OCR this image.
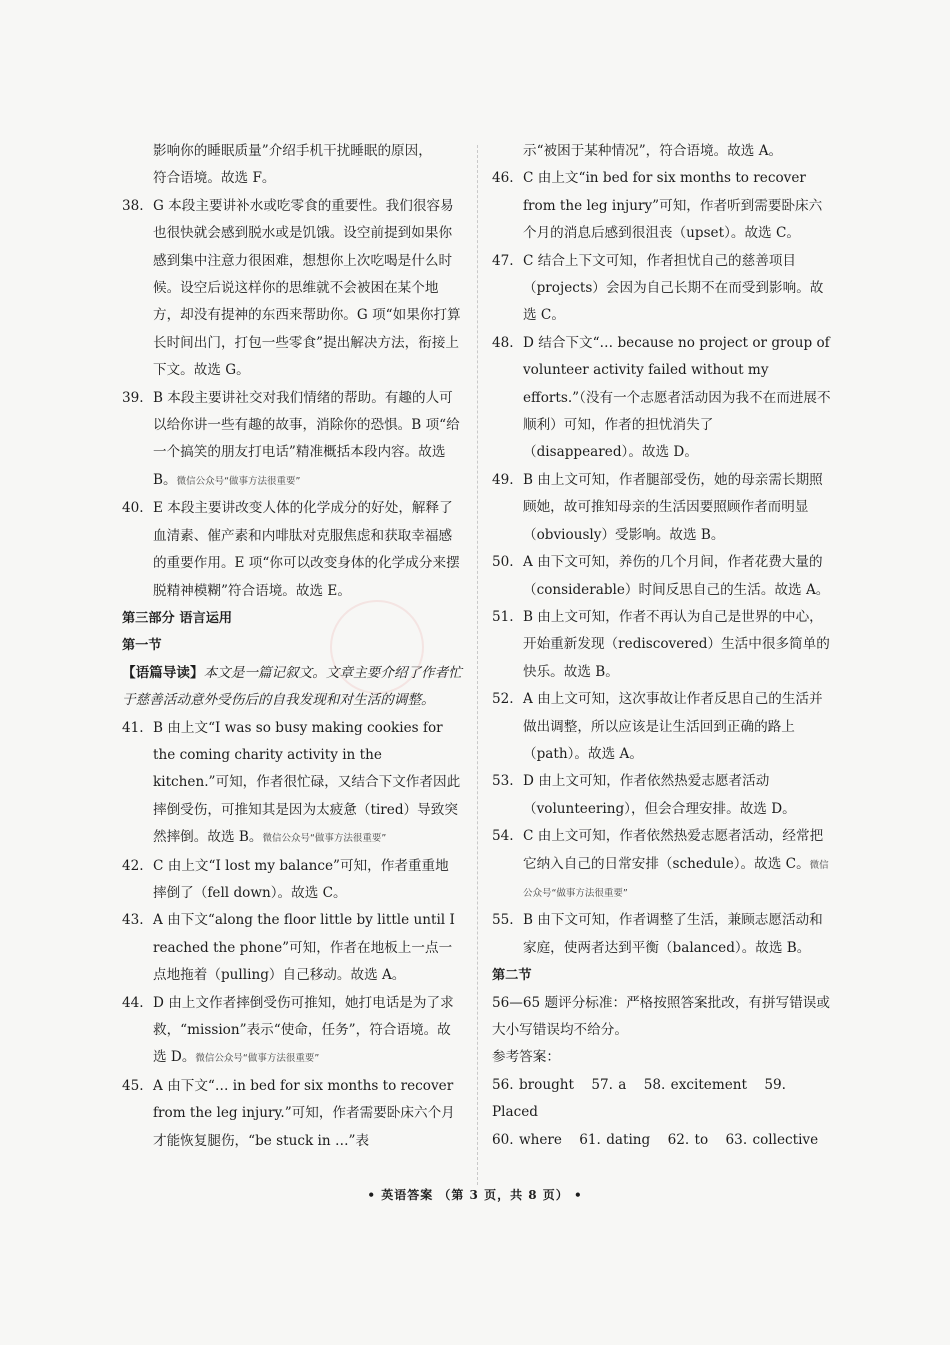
影响你的睡眠质量”介绍手机干扰睡眠的原因，

符合语境。故选 F。

38. G 本段主要讲补水或吃零食的重要性。我们很容易也很快就会感到脱水或是饥饿。设空前提到如果你感到集中注意力很困难，想想你上次吃喝是什么时候。设空后说这样你的思维就不会被困在某个地方，却没有提神的东西来帮助你。G 项“如果你打算长时间出门，打包一些零食”提出解决方法，衔接上下文。故选 G。
39. B 本段主要讲社交对我们情绪的帮助。有趣的人可以给你讲一些有趣的故事，消除你的恐惧。B 项“给一个搞笑的朋友打电话”精准概括本段内容。故选 B。微信公众号“做事方法很重要”
40. E 本段主要讲改变人体的化学成分的好处，解释了血清素、催产素和内啡肽对克服焦虑和获取幸福感的重要作用。E 项“你可以改变身体的化学成分来摆脱精神模糊”符合语境。故选 E。

第三部分 语言运用

第一节

【语篇导读】本文是一篇记叙文。文章主要介绍了作者忙于慈善活动意外受伤后的自我发现和对生活的调整。

41. B 由上文“I was so busy making cookies for the coming charity activity in the kitchen.”可知，作者很忙碌，又结合下文作者因此摔倒受伤，可推知其是因为太疲惫（tired）导致突然摔倒。故选 B。微信公众号“做事方法很重要”
42. C 由上文“I lost my balance”可知，作者重重地摔倒了（fell down）。故选 C。
43. A 由下文“along the floor little by little until I reached the phone”可知，作者在地板上一点一点地拖着（pulling）自己移动。故选 A。
44. D 由上文作者摔倒受伤可推知，她打电话是为了求救，“mission”表示“使命，任务”，符合语境。故选 D。微信公众号“做事方法很重要”
45. A 由下文“… in bed for six months to recover from the leg injury.”可知，作者需要卧床六个月才能恢复腿伤，“be stuck in …”表

示“被困于某种情况”，符合语境。故选 A。

46. C 由上文“in bed for six months to recover from the leg injury”可知，作者听到需要卧床六个月的消息后感到很沮丧（upset）。故选 C。
47. C 结合上下文可知，作者担忧自己的慈善项目（projects）会因为自己长期不在而受到影响。故选 C。
48. D 结合下文“… because no project or group of volunteer activity failed without my efforts.”（没有一个志愿者活动因为我不在而进展不顺利）可知，作者的担忧消失了（disappeared）。故选 D。
49. B 由上文可知，作者腿部受伤，她的母亲需长期照顾她，故可推知母亲的生活因要照顾作者而明显（obviously）受影响。故选 B。
50. A 由下文可知，养伤的几个月间，作者花费大量的（considerable）时间反思自己的生活。故选 A。
51. B 由上文可知，作者不再认为自己是世界的中心，开始重新发现（rediscovered）生活中很多简单的快乐。故选 B。
52. A 由上文可知，这次事故让作者反思自己的生活并做出调整，所以应该是让生活回到正确的路上（path）。故选 A。
53. D 由上文可知，作者依然热爱志愿者活动（volunteering），但会合理安排。故选 D。
54. C 由上文可知，作者依然热爱志愿者活动，经常把它纳入自己的日常安排（schedule）。故选 C。微信公众号“做事方法很重要”
55. B 由下文可知，作者调整了生活，兼顾志愿活动和家庭，使两者达到平衡（balanced）。故选 B。

第二节

56—65 题评分标准：严格按照答案批改，有拼写错误或大小写错误均不给分。

参考答案：

56. brought 57. a 58. excitement 59. Placed

60. where 61. dating 62. to 63. collective

• 英语答案 （第 3 页，共 8 页） •
